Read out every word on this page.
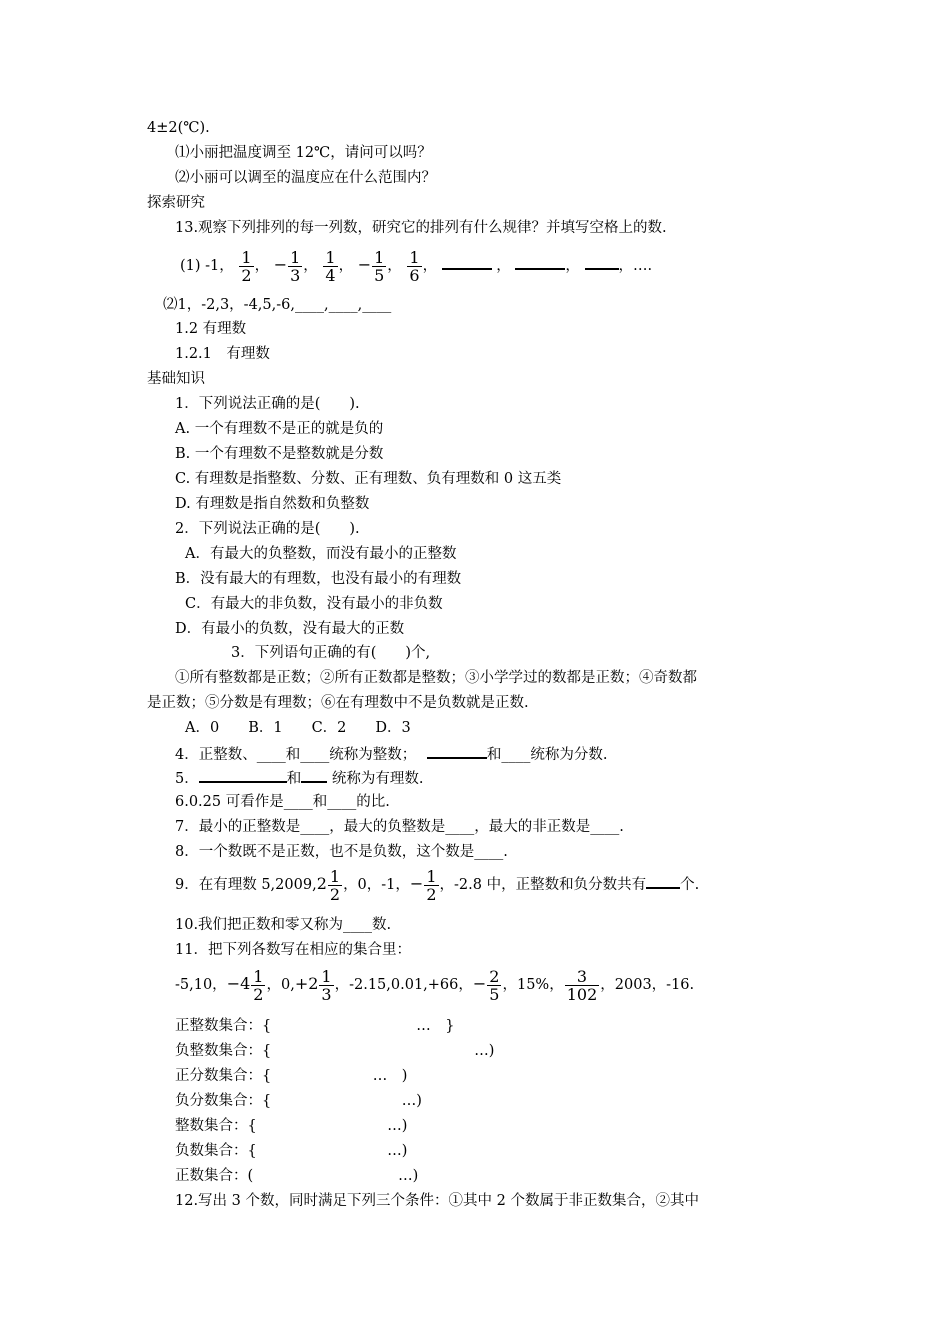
4±2(℃).
⑴小丽把温度调至 12℃，请问可以吗？
⑵小丽可以调至的温度应在什么范围内？
探索研究
13.观察下列排列的每一列数，研究它的排列有什么规律？并填写空格上的数.
(1) -1， $\frac{1}{2}$ ， − $\frac{1}{3}$ ， $\frac{1}{4}$ ， − $\frac{1}{5}$ ， $\frac{1}{6}$ ，	，	，	，….
⑵1，-2,3，-4,5,-6,____,____,____
1.2 有理数
1.2.1　有理数
基础知识
1．下列说法正确的是(　　).
A. 一个有理数不是正的就是负的
B. 一个有理数不是整数就是分数
C. 有理数是指整数、分数、正有理数、负有理数和 0 这五类
D. 有理数是指自然数和负整数
2．下列说法正确的是(　　).
A．有最大的负整数，而没有最小的正整数
B．没有最大的有理数，也没有最小的有理数
C．有最大的非负数，没有最小的非负数
D．有最小的负数，没有最大的正数
3．下列语句正确的有(　　)个,
①所有整数都是正数；②所有正数都是整数；③小学学过的数都是正数；④奇数都
是正数；⑤分数是有理数；⑥在有理数中不是负数就是正数.
A．0　　B．1　　C．2　　D．3
4．正整数、____和____统称为整数；	和____统称为分数.
5．	和 统称为有理数.
6.0.25 可看作是____和____的比.
7．最小的正整数是____，最大的负整数是____，最大的非正数是____.
8．一个数既不是正数，也不是负数，这个数是____.
9．在有理数 $5,2009,2 \frac{1}{2}$ ，0，-1，− $\frac{1}{2}$ ，-2.8 中，正整数和负分数共有 个.
10.我们把正数和零又称为____数.
11．把下列各数写在相应的集合里：
-5,10，$-4 \frac{1}{2}$ ，$0,+2 \frac{1}{3}$ ，-2.15,0.01,+66，− $\frac{2}{5}$ ，15%， $\frac{3}{102}$ ，2003，-16.
正整数集合：{　　　　　　　　　　…　}
负整数集合：{　　　　　　　　　　　　　　…)
正分数集合：{　　　　　　　…　)
负分数集合：{　　　　　　　　　…)
整数集合：{　　　　　　　　　…)
负数集合：{　　　　　　　　　…)
正数集合：(　　　　　　　　　　…)
12.写出 3 个数，同时满足下列三个条件：①其中 2 个数属于非正数集合，②其中
